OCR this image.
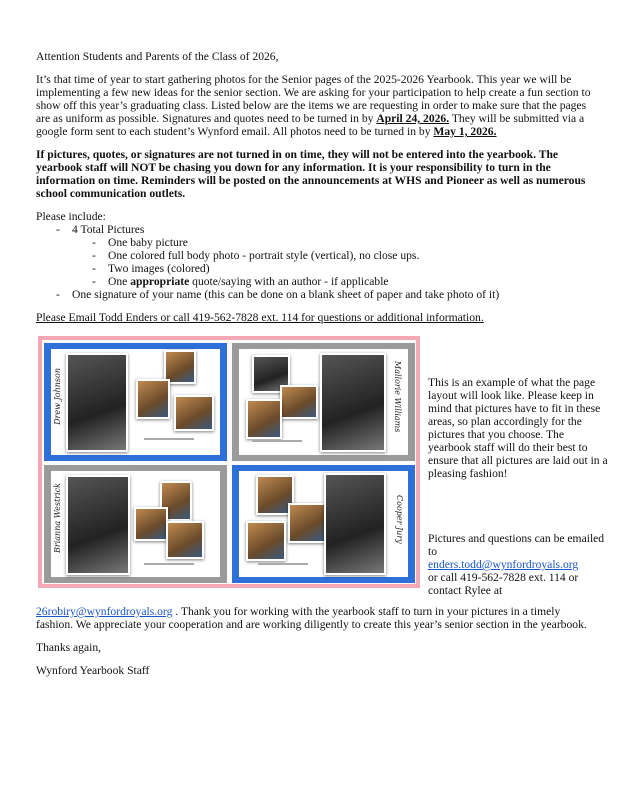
Attention Students and Parents of the Class of 2026,

It’s that time of year to start gathering photos for the Senior pages of the 2025-2026 Yearbook. This year we will be implementing a few new ideas for the senior section. We are asking for your participation to help create a fun section to show off this year’s graduating class. Listed below are the items we are requesting in order to make sure that the pages are as uniform as possible. Signatures and quotes need to be turned in by April 24, 2026. They will be submitted via a google form sent to each student’s Wynford email. All photos need to be turned in by May 1, 2026.

If pictures, quotes, or signatures are not turned in on time, they will not be entered into the yearbook. The yearbook staff will NOT be chasing you down for any information. It is your responsibility to turn in the information on time. Reminders will be posted on the announcements at WHS and Pioneer as well as numerous school communication outlets.

Please include:

- 4 Total Pictures
- One baby picture
- One colored full body photo - portrait style (vertical), no close ups.
- Two images (colored)
- One appropriate quote/saying with an author - if applicable
- One signature of your name (this can be done on a blank sheet of paper and take photo of it)

Please Email Todd Enders or call 419-562-7828 ext. 114 for questions or additional information.

Drew Johnson	Mallorie Williams
Brianna Westrick	Cooper Jury

This is an example of what the page layout will look like. Please keep in mind that pictures have to fit in these areas, so plan accordingly for the pictures that you choose. The yearbook staff will do their best to ensure that all pictures are laid out in a pleasing fashion!

Pictures and questions can be emailed to

enders.todd@wynfordroyals.org

or call 419-562-7828 ext. 114 or contact Rylee at

26robiry@wynfordroyals.org . Thank you for working with the yearbook staff to turn in your pictures in a timely fashion. We appreciate your cooperation and are working diligently to create this year’s senior section in the yearbook.

Thanks again,

Wynford Yearbook Staff
